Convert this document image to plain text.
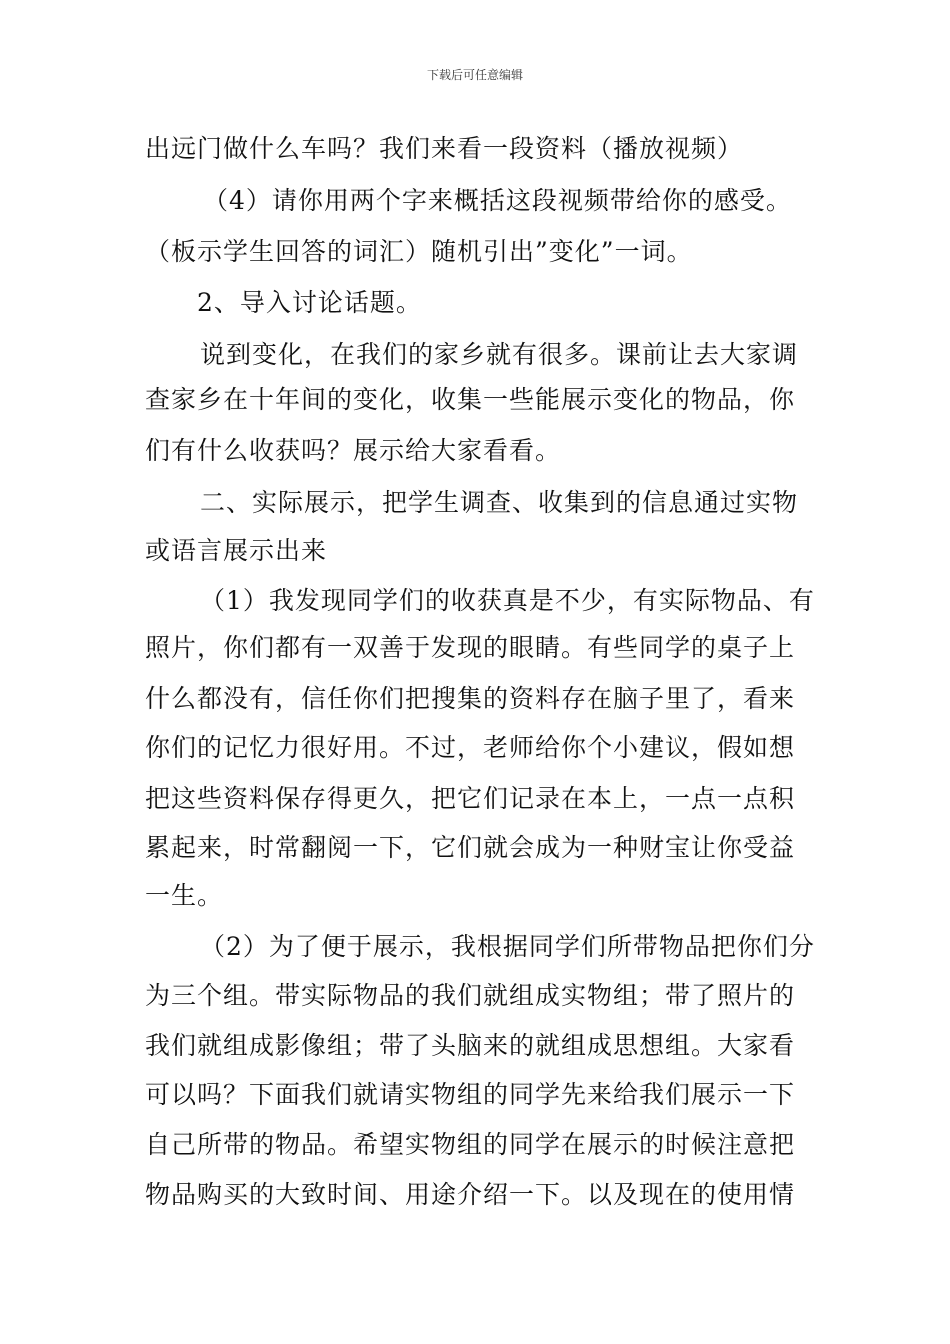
下载后可任意编辑
出远门做什么车吗？我们来看一段资料（播放视频）
（4）请你用两个字来概括这段视频带给你的感受。
（板示学生回答的词汇）随机引出”变化”一词。
2、导入讨论话题。
说到变化，在我们的家乡就有很多。课前让去大家调
查家乡在十年间的变化，收集一些能展示变化的物品，你
们有什么收获吗？展示给大家看看。
二、实际展示，把学生调查、收集到的信息通过实物
或语言展示出来
（1）我发现同学们的收获真是不少，有实际物品、有
照片，你们都有一双善于发现的眼睛。有些同学的桌子上
什么都没有，信任你们把搜集的资料存在脑子里了，看来
你们的记忆力很好用。不过，老师给你个小建议，假如想
把这些资料保存得更久，把它们记录在本上，一点一点积
累起来，时常翻阅一下，它们就会成为一种财宝让你受益
一生。
（2）为了便于展示，我根据同学们所带物品把你们分
为三个组。带实际物品的我们就组成实物组；带了照片的
我们就组成影像组；带了头脑来的就组成思想组。大家看
可以吗？下面我们就请实物组的同学先来给我们展示一下
自己所带的物品。希望实物组的同学在展示的时候注意把
物品购买的大致时间、用途介绍一下。以及现在的使用情
